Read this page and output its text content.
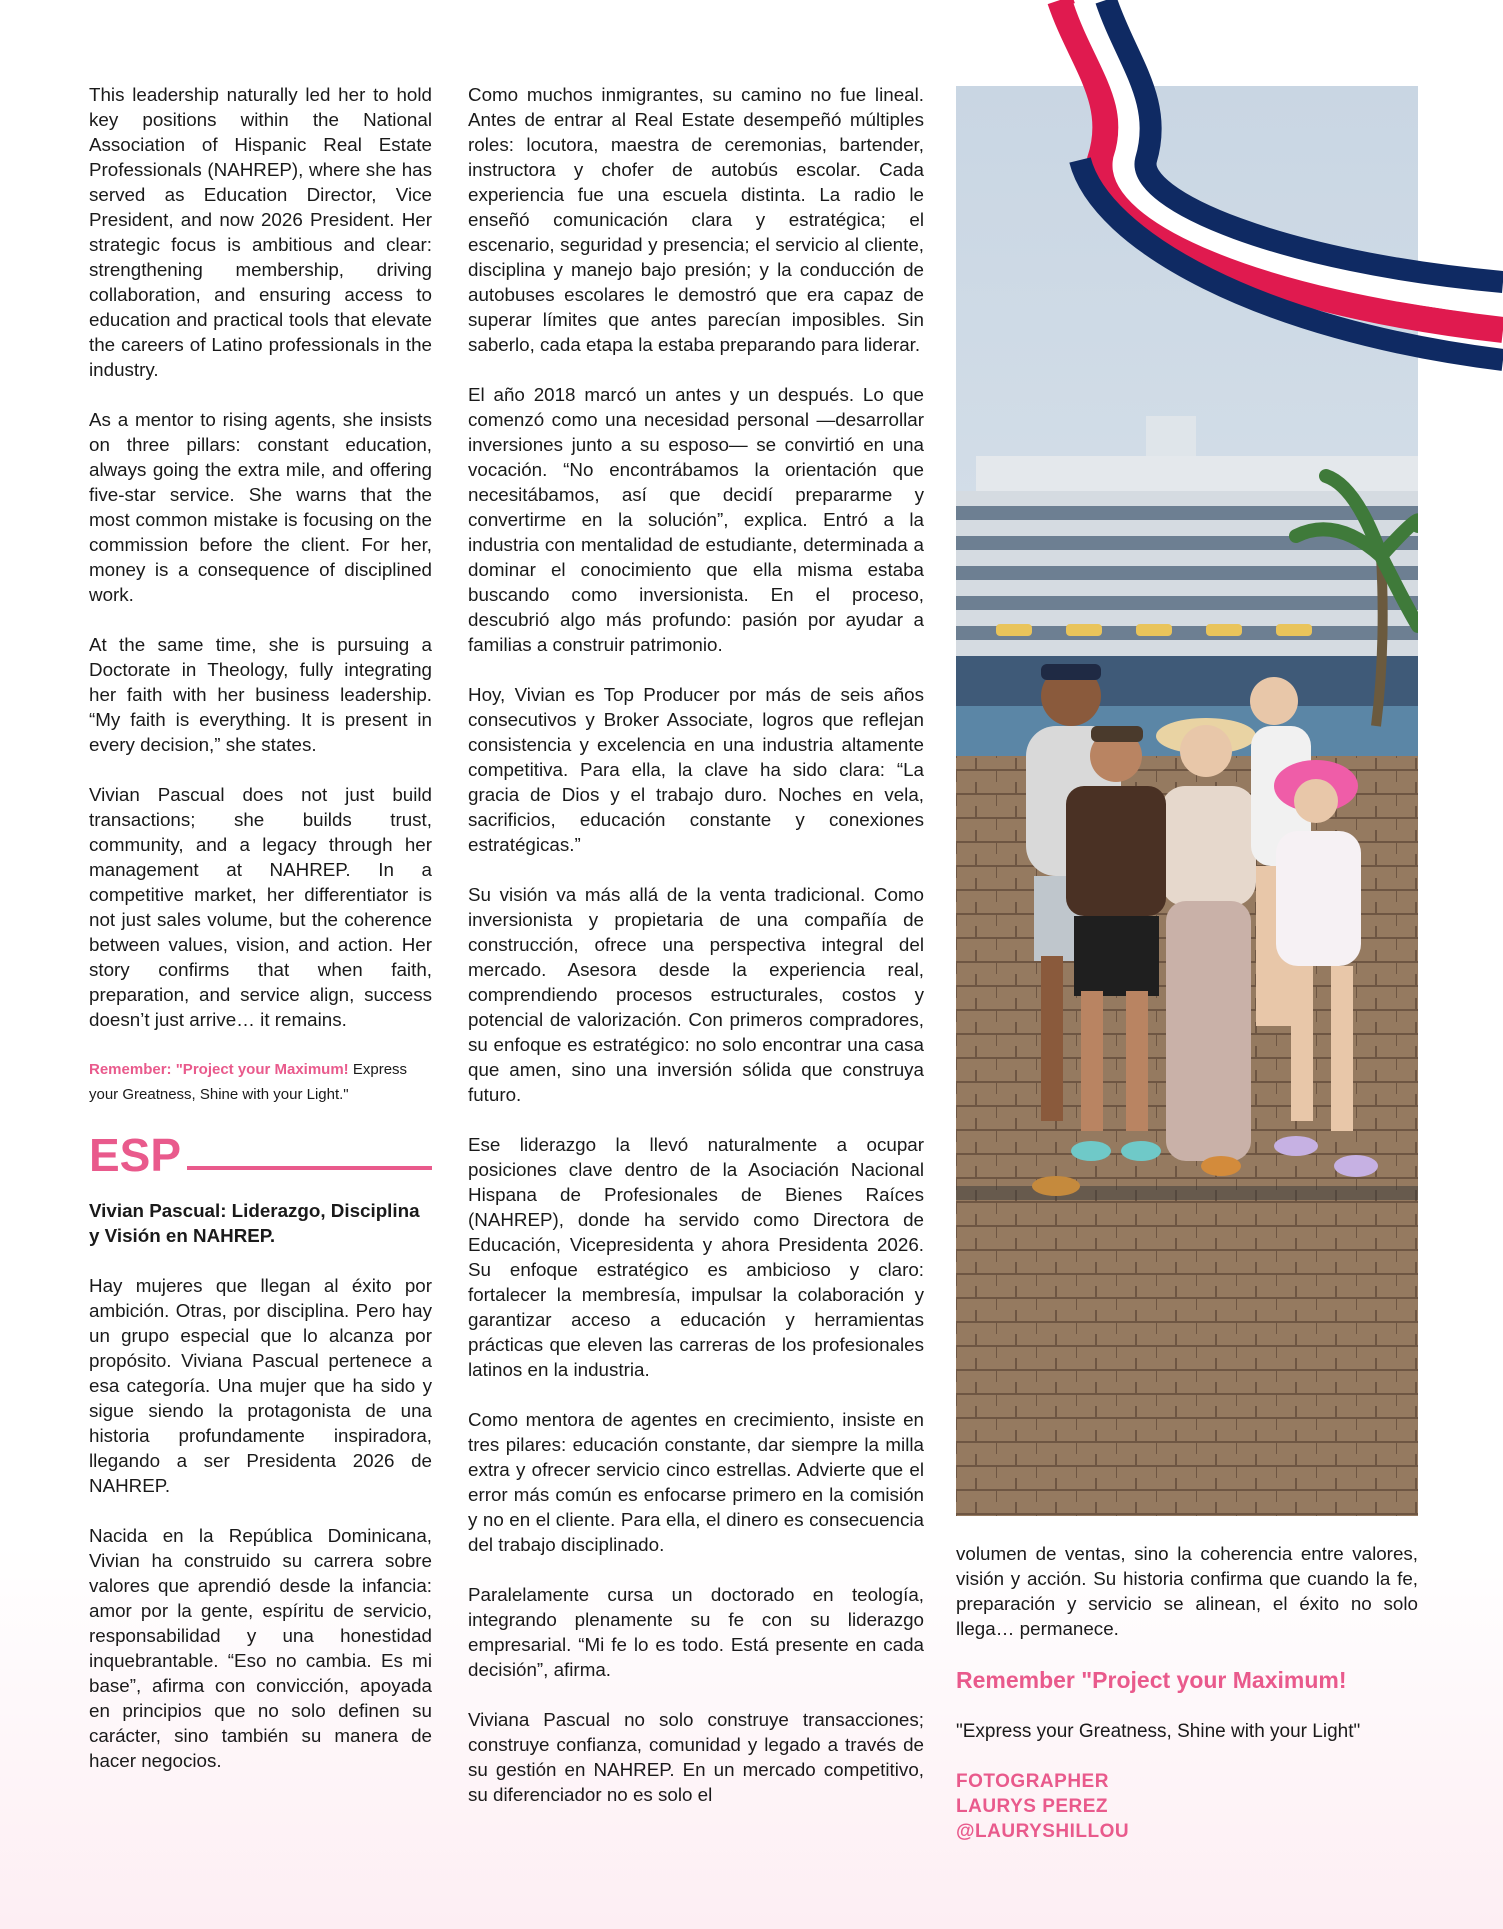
This leadership naturally led her to hold key positions within the National Association of Hispanic Real Estate Professionals (NAHREP), where she has served as Education Director, Vice President, and now 2026 President. Her strategic focus is ambitious and clear: strengthening membership, driving collaboration, and ensuring access to education and practical tools that elevate the careers of Latino professionals in the industry.

As a mentor to rising agents, she insists on three pillars: constant education, always going the extra mile, and offering five-star service. She warns that the most common mistake is focusing on the commission before the client. For her, money is a consequence of disciplined work.

At the same time, she is pursuing a Doctorate in Theology, fully integrating her faith with her business leadership. “My faith is everything. It is present in every decision,” she states.

Vivian Pascual does not just build transactions; she builds trust, community, and a legacy through her management at NAHREP. In a competitive market, her differentiator is not just sales volume, but the coherence between values, vision, and action. Her story confirms that when faith, preparation, and service align, success doesn’t just arrive… it remains.

Remember: "Project your Maximum! Express your Greatness, Shine with your Light."

ESP

Vivian Pascual: Liderazgo, Disciplina y Visión en NAHREP.

Hay mujeres que llegan al éxito por ambición. Otras, por disciplina. Pero hay un grupo especial que lo alcanza por propósito. Viviana Pascual pertenece a esa categoría. Una mujer que ha sido y sigue siendo la protagonista de una historia profundamente inspiradora, llegando a ser Presidenta 2026 de NAHREP.

Nacida en la República Dominicana, Vivian ha construido su carrera sobre valores que aprendió desde la infancia: amor por la gente, espíritu de servicio, responsabilidad y una honestidad inquebrantable. “Eso no cambia. Es mi base”, afirma con convicción, apoyada en principios que no solo definen su carácter, sino también su manera de hacer negocios.

Como muchos inmigrantes, su camino no fue lineal. Antes de entrar al Real Estate desempeñó múltiples roles: locutora, maestra de ceremonias, bartender, instructora y chofer de autobús escolar. Cada experiencia fue una escuela distinta. La radio le enseñó comunicación clara y estratégica; el escenario, seguridad y presencia; el servicio al cliente, disciplina y manejo bajo presión; y la conducción de autobuses escolares le demostró que era capaz de superar límites que antes parecían imposibles. Sin saberlo, cada etapa la estaba preparando para liderar.

El año 2018 marcó un antes y un después. Lo que comenzó como una necesidad personal —desarrollar inversiones junto a su esposo— se convirtió en una vocación. “No encontrábamos la orientación que necesitábamos, así que decidí prepararme y convertirme en la solución”, explica. Entró a la industria con mentalidad de estudiante, determinada a dominar el conocimiento que ella misma estaba buscando como inversionista. En el proceso, descubrió algo más profundo: pasión por ayudar a familias a construir patrimonio.

Hoy, Vivian es Top Producer por más de seis años consecutivos y Broker Associate, logros que reflejan consistencia y excelencia en una industria altamente competitiva. Para ella, la clave ha sido clara: “La gracia de Dios y el trabajo duro. Noches en vela, sacrificios, educación constante y conexiones estratégicas.”

Su visión va más allá de la venta tradicional. Como inversionista y propietaria de una compañía de construcción, ofrece una perspectiva integral del mercado. Asesora desde la experiencia real, comprendiendo procesos estructurales, costos y potencial de valorización. Con primeros compradores, su enfoque es estratégico: no solo encontrar una casa que amen, sino una inversión sólida que construya futuro.

Ese liderazgo la llevó naturalmente a ocupar posiciones clave dentro de la Asociación Nacional Hispana de Profesionales de Bienes Raíces (NAHREP), donde ha servido como Directora de Educación, Vicepresidenta y ahora Presidenta 2026. Su enfoque estratégico es ambicioso y claro: fortalecer la membresía, impulsar la colaboración y garantizar acceso a educación y herramientas prácticas que eleven las carreras de los profesionales latinos en la industria.

Como mentora de agentes en crecimiento, insiste en tres pilares: educación constante, dar siempre la milla extra y ofrecer servicio cinco estrellas. Advierte que el error más común es enfocarse primero en la comisión y no en el cliente. Para ella, el dinero es consecuencia del trabajo disciplinado.

Paralelamente cursa un doctorado en teología, integrando plenamente su fe con su liderazgo empresarial. “Mi fe lo es todo. Está presente en cada decisión”, afirma.

Viviana Pascual no solo construye transacciones; construye confianza, comunidad y legado a través de su gestión en NAHREP. En un mercado competitivo, su diferenciador no es solo el

volumen de ventas, sino la coherencia entre valores, visión y acción. Su historia confirma que cuando la fe, preparación y servicio se alinean, el éxito no solo llega… permanece.

Remember "Project your Maximum!

"Express your Greatness, Shine with your Light"

FOTOGRAPHER
LAURYS PEREZ
@LAURYSHILLOU
